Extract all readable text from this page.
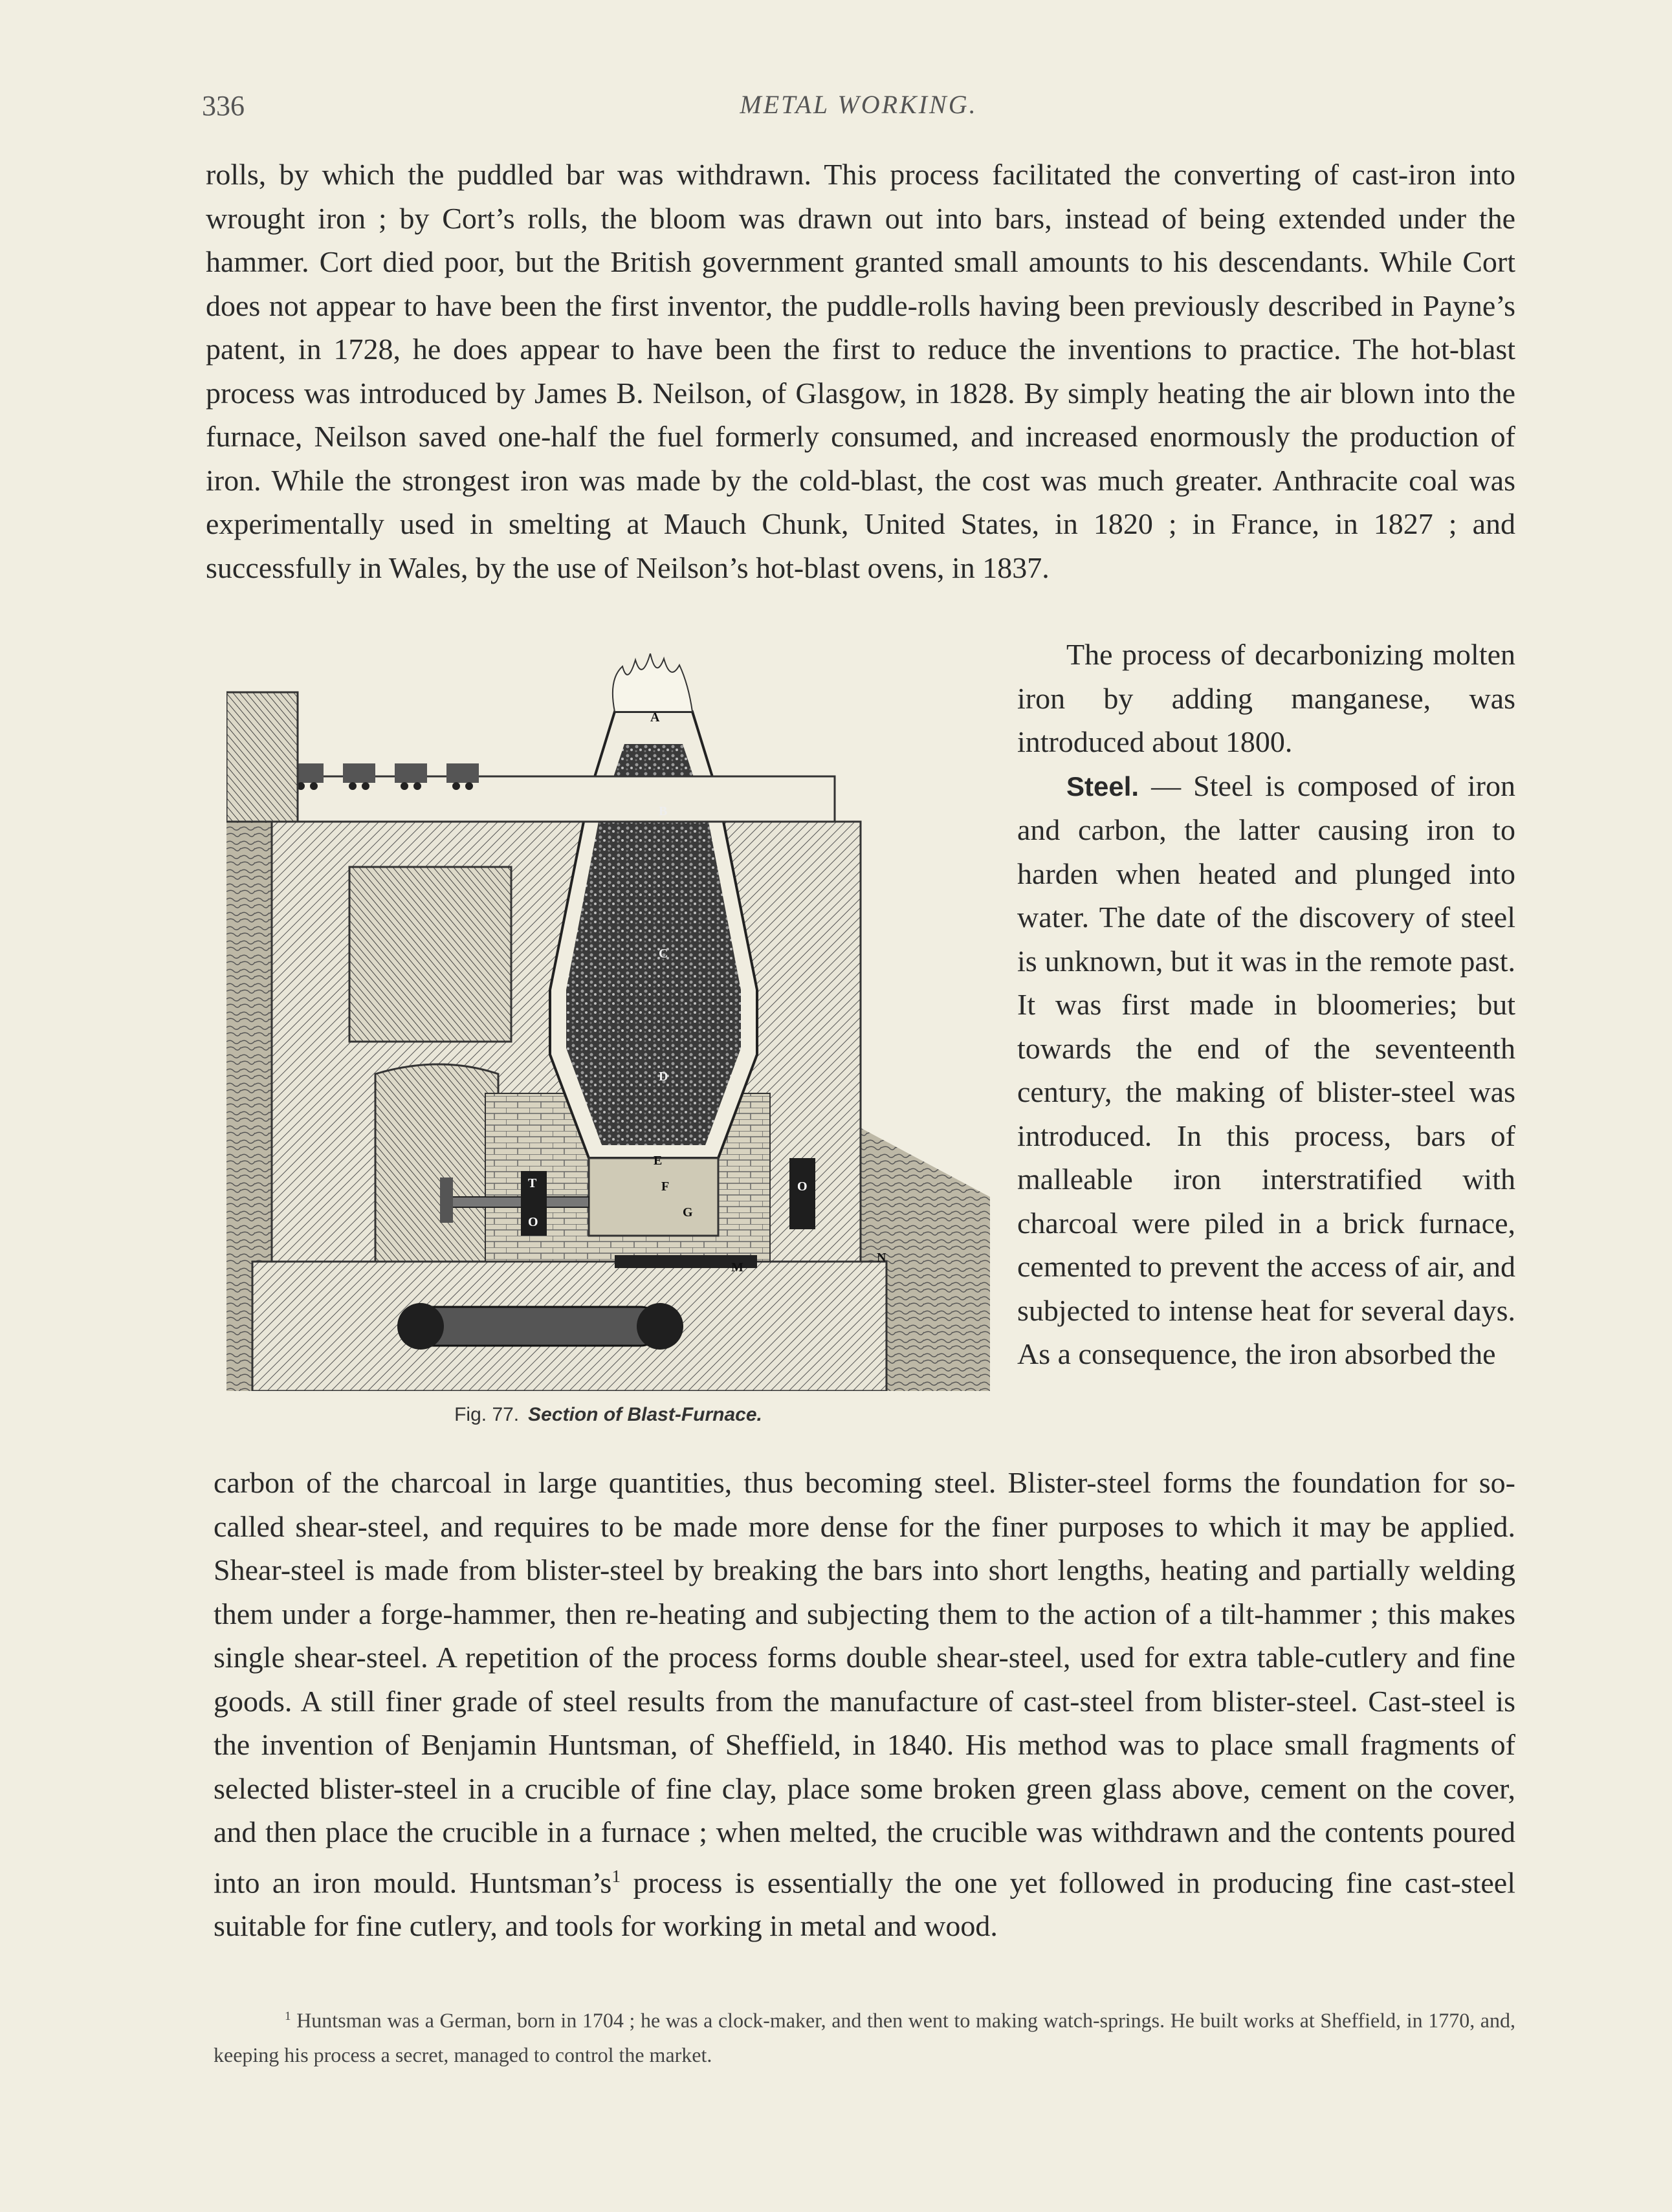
336	METAL WORKING.

rolls, by which the puddled bar was withdrawn. This process facilitated the converting of cast-iron into wrought iron ; by Cort’s rolls, the bloom was drawn out into bars, instead of being extended under the hammer. Cort died poor, but the British government granted small amounts to his descendants. While Cort does not appear to have been the first inventor, the puddle-rolls having been previously described in Payne’s patent, in 1728, he does appear to have been the first to reduce the inventions to practice. The hot-blast process was introduced by James B. Neilson, of Glasgow, in 1828. By simply heating the air blown into the furnace, Neilson saved one-half the fuel formerly consumed, and increased enormously the production of iron. While the strongest iron was made by the cold-blast, the cost was much greater. Anthracite coal was experimentally used in smelting at Mauch Chunk, United States, in 1820 ; in France, in 1827 ; and successfully in Wales, by the use of Neilson’s hot-blast ovens, in 1837.

A
B
C
D
E
F
G
M
N
T
O
O
Fig. 77. Section of Blast-Furnace.

The process of decarbonizing molten iron by adding manganese, was introduced about 1800.

Steel. — Steel is composed of iron and carbon, the latter causing iron to harden when heated and plunged into water. The date of the discovery of steel is unknown, but it was in the remote past. It was first made in bloomeries; but towards the end of the seventeenth century, the making of blister-steel was introduced. In this process, bars of malleable iron interstratified with charcoal were piled in a brick furnace, cemented to prevent the access of air, and subjected to intense heat for several days. As a consequence, the iron absorbed the

carbon of the charcoal in large quantities, thus becoming steel. Blister-steel forms the foundation for so-called shear-steel, and requires to be made more dense for the finer purposes to which it may be applied. Shear-steel is made from blister-steel by breaking the bars into short lengths, heating and partially welding them under a forge-hammer, then re-heating and subjecting them to the action of a tilt-hammer ; this makes single shear-steel. A repetition of the process forms double shear-steel, used for extra table-cutlery and fine goods. A still finer grade of steel results from the manufacture of cast-steel from blister-steel. Cast-steel is the invention of Benjamin Huntsman, of Sheffield, in 1840. His method was to place small fragments of selected blister-steel in a crucible of fine clay, place some broken green glass above, cement on the cover, and then place the crucible in a furnace ; when melted, the crucible was withdrawn and the contents poured into an iron mould. $Huntsman’s^1$ process is essentially the one yet followed in producing fine cast-steel suitable for fine cutlery, and tools for working in metal and wood.

$^1$ Huntsman was a German, born in 1704 ; he was a clock-maker, and then went to making watch-springs. He built works at Sheffield, in 1770, and, keeping his process a secret, managed to control the market.
